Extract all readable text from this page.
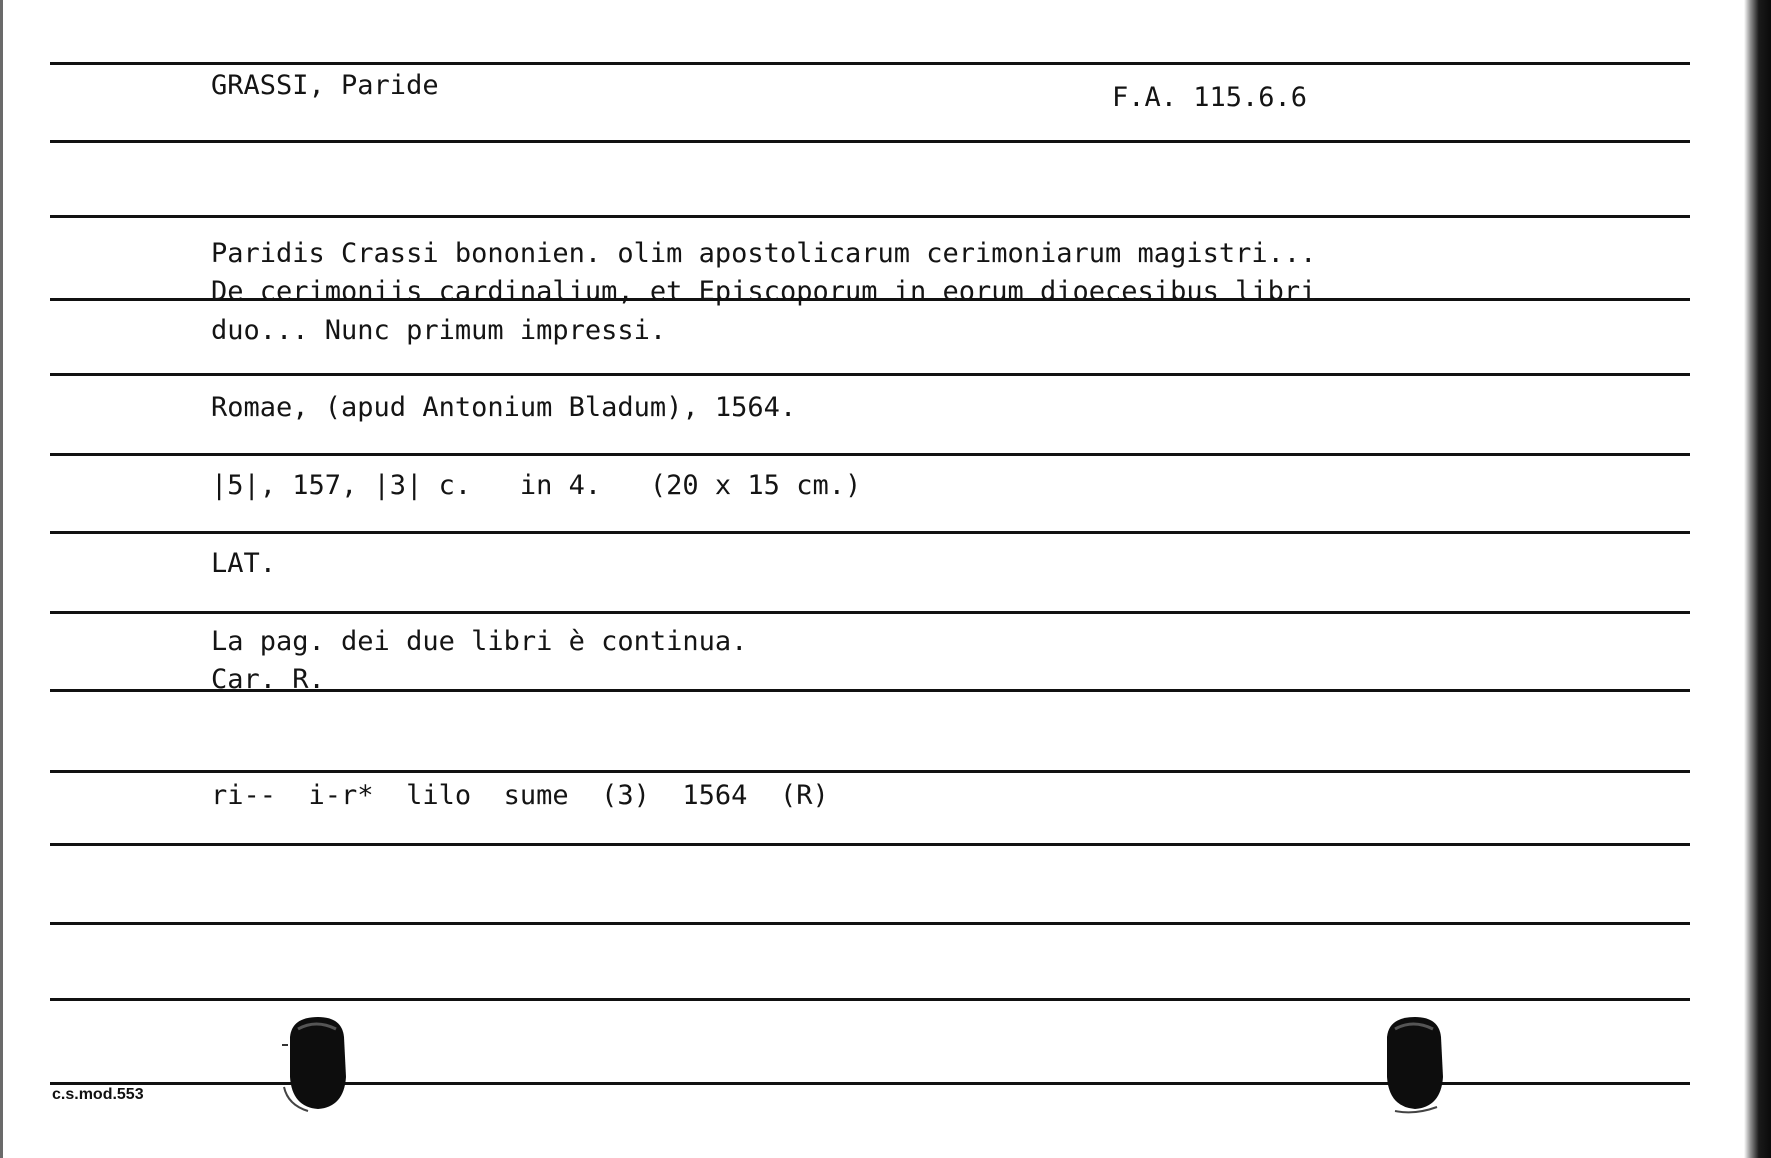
GRASSI, Paride	F.A. 115.6.6
Paridis Crassi bononien. olim apostolicarum cerimoniarum magistri...
De cerimoniis cardinalium, et Episcoporum in eorum dioecesibus libri
duo... Nunc primum impressi.
Romae, (apud Antonium Bladum), 1564.
|5|, 157, |3| c.   in 4.   (20 x 15 cm.)
LAT.
La pag. dei due libri è continua.
Car. R.
ri--  i-r*  lilo  sume  (3)  1564  (R)
c.s.mod.553
